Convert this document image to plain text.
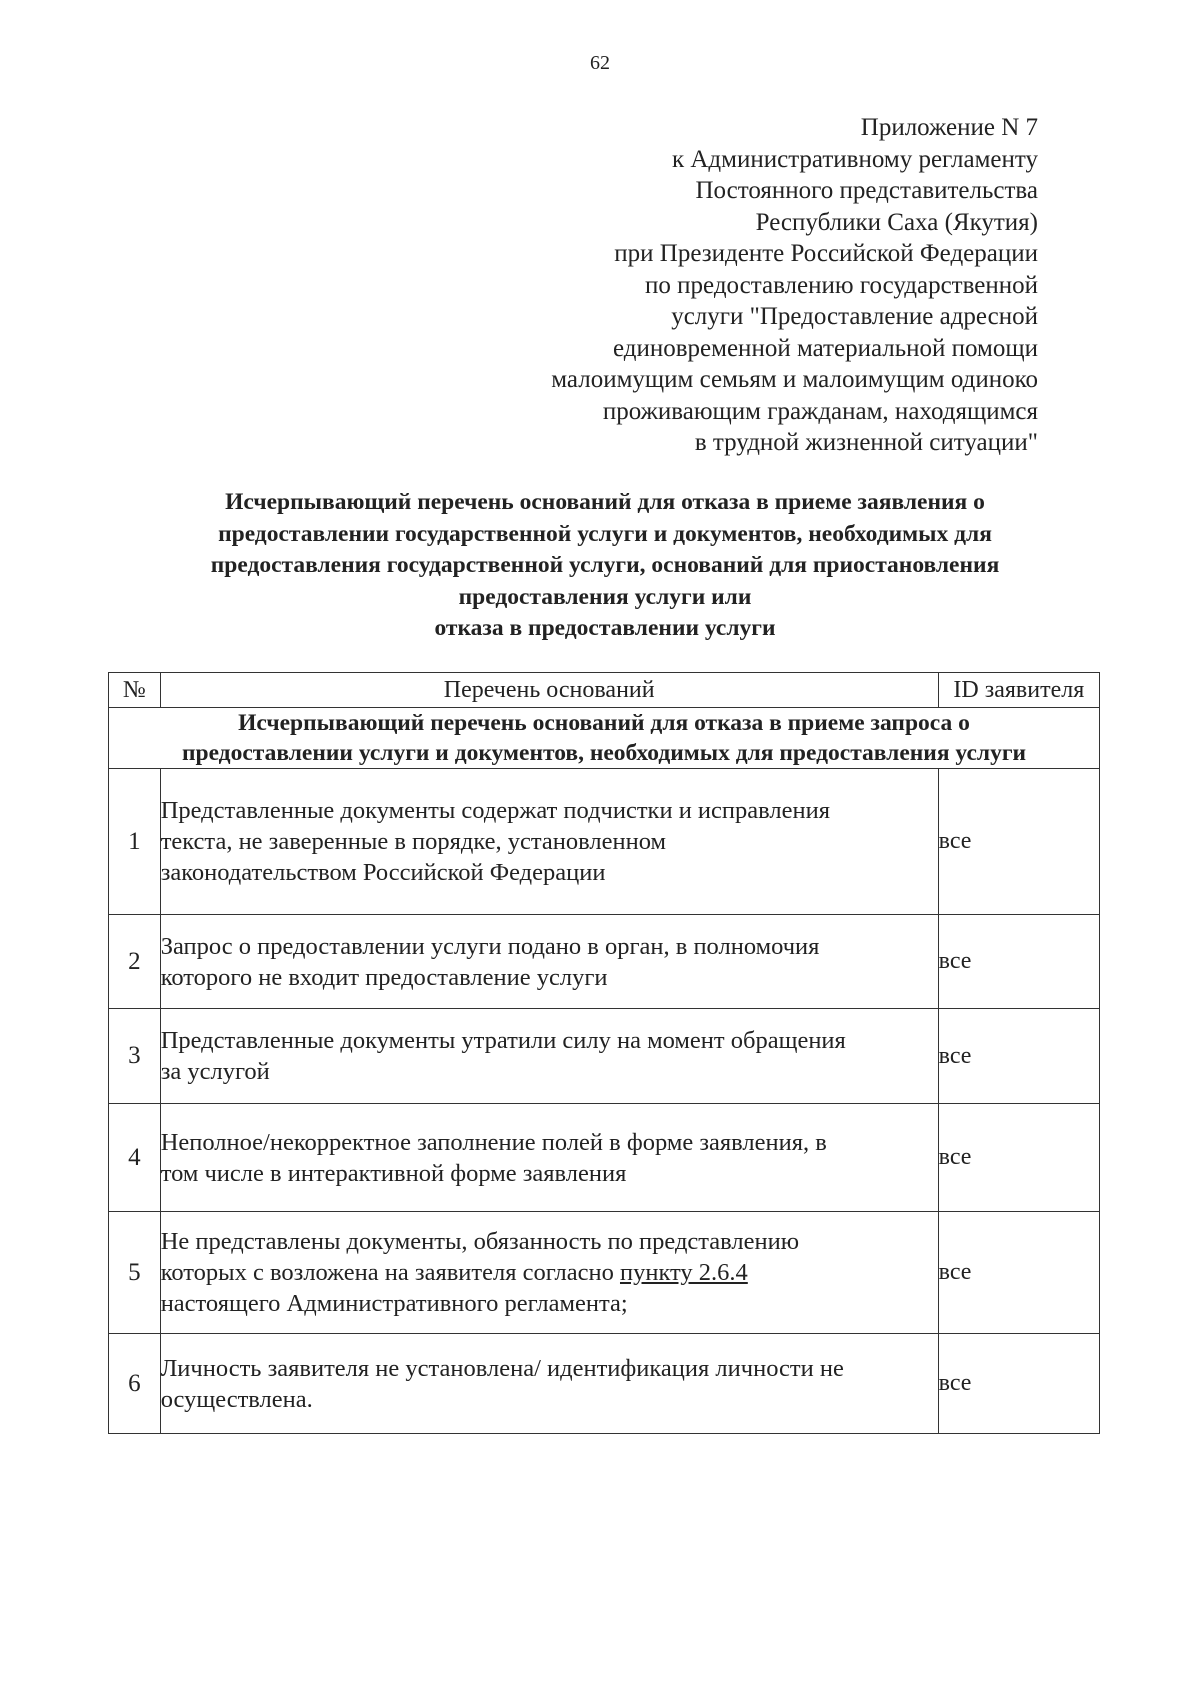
62
Приложение N 7
к Административному регламенту
Постоянного представительства
Республики Саха (Якутия)
при Президенте Российской Федерации
по предоставлению государственной
услуги "Предоставление адресной
единовременной материальной помощи
малоимущим семьям и малоимущим одиноко
проживающим гражданам, находящимся
в трудной жизненной ситуации"
Исчерпывающий перечень оснований для отказа в приеме заявления о
предоставлении государственной услуги и документов, необходимых для
предоставления государственной услуги, оснований для приостановления
предоставления услуги или
отказа в предоставлении услуги
№	Перечень оснований	ID заявителя

Исчерпывающий перечень оснований для отказа в приеме запроса о
предоставлении услуги и документов, необходимых для предоставления услуги		

1	Представленные документы содержат подчистки и исправления
текста, не заверенные в порядке, установленном
законодательством Российской Федерации	все
2	Запрос о предоставлении услуги подано в орган, в полномочия
которого не входит предоставление услуги	все
3	Представленные документы утратили силу на момент обращения
за услугой	все
4	Неполное/некорректное заполнение полей в форме заявления, в
том числе в интерактивной форме заявления	все
5	Не представлены документы, обязанность по представлению
которых с возложена на заявителя согласно пункту 2.6.4
настоящего Административного регламента;	все
6	Личность заявителя не установлена/ идентификация личности не
осуществлена.	все
